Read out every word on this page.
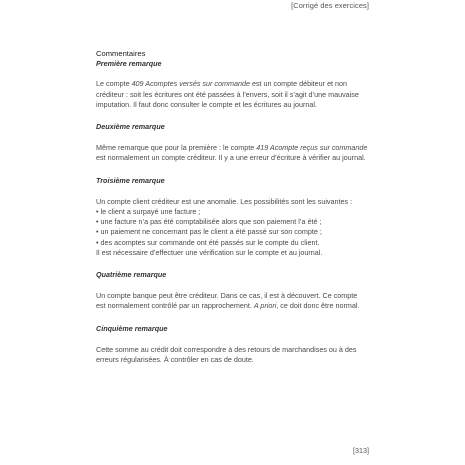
[Corrigé des exercices]

Commentaires

Première remarque

Le compte 409 Acomptes versés sur commande est un compte débiteur et non créditeur : soit les écritures ont été passées à l’envers, soit il s’agit d’une mauvaise imputation. Il faut donc consulter le compte et les écritures au journal.

Deuxième remarque

Même remarque que pour la première : le compte 419 Acompte reçus sur commande est normalement un compte créditeur. Il y a une erreur d’écriture à vérifier au journal.

Troisième remarque

Un compte client créditeur est une anomalie. Les possibilités sont les suivantes :

• le client a surpayé une facture ;
• une facture n’a pas été comptabilisée alors que son paiement l’a été ;
• un paiement ne concernant pas le client a été passé sur son compte ;
• des acomptes sur commande ont été passés sur le compte du client.

Il est nécessaire d’effectuer une vérification sur le compte et au journal.

Quatrième remarque

Un compte banque peut être créditeur. Dans ce cas, il est à découvert. Ce compte est normalement contrôlé par un rapprochement. A priori, ce doit donc être normal.

Cinquième remarque

Cette somme au crédit doit correspondre à des retours de marchandises ou à des erreurs régularisées. À contrôler en cas de doute.

[313]
